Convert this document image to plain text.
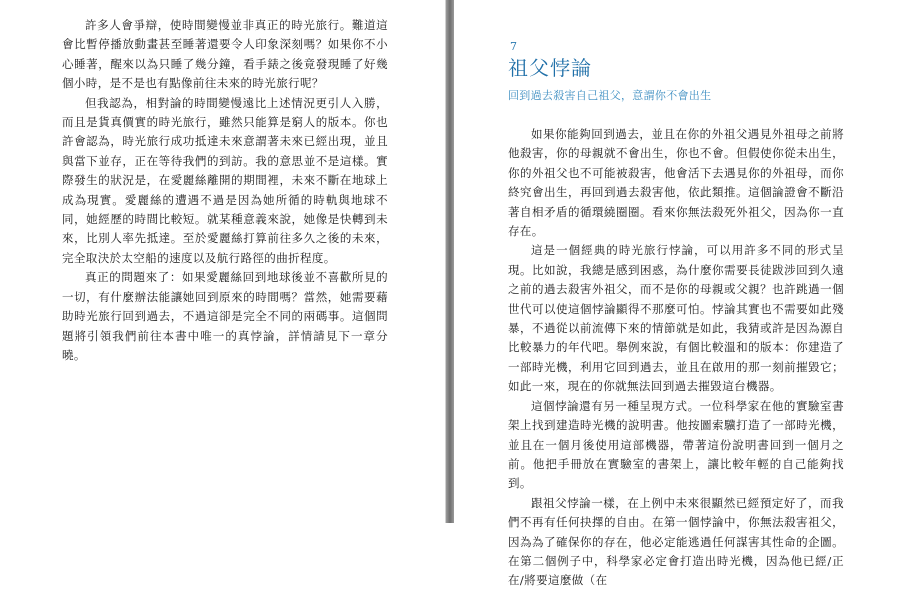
許多人會爭辯，使時間變慢並非真正的時光旅行。難道這會比暫停播放動畫甚至睡著還要令人印象深刻嗎？如果你不小心睡著，醒來以為只睡了幾分鐘，看手錶之後竟發現睡了好幾個小時，是不是也有點像前往未來的時光旅行呢？

但我認為，相對論的時間變慢遠比上述情況更引人入勝，而且是貨真價實的時光旅行，雖然只能算是窮人的版本。你也許會認為，時光旅行成功抵達未來意謂著未來已經出現，並且與當下並存，正在等待我們的到訪。我的意思並不是這樣。實際發生的狀況是，在愛麗絲離開的期間裡，未來不斷在地球上成為現實。愛麗絲的遭遇不過是因為她所循的時軌與地球不同，她經歷的時間比較短。就某種意義來說，她像是快轉到未來，比別人率先抵達。至於愛麗絲打算前往多久之後的未來，完全取決於太空船的速度以及航行路徑的曲折程度。

真正的問題來了：如果愛麗絲回到地球後並不喜歡所見的一切，有什麼辦法能讓她回到原來的時間嗎？當然，她需要藉助時光旅行回到過去，不過這卻是完全不同的兩碼事。這個問題將引領我們前往本書中唯一的真悖論，詳情請見下一章分曉。

7
祖父悖論
回到過去殺害自己祖父，意謂你不會出生

如果你能夠回到過去，並且在你的外祖父遇見外祖母之前將他殺害，你的母親就不會出生，你也不會。但假使你從未出生，你的外祖父也不可能被殺害，他會活下去遇見你的外祖母，而你終究會出生，再回到過去殺害他，依此類推。這個論證會不斷沿著自相矛盾的循環繞圈圈。看來你無法殺死外祖父，因為你一直存在。

這是一個經典的時光旅行悖論，可以用許多不同的形式呈現。比如說，我總是感到困惑，為什麼你需要長徒跋涉回到久遠之前的過去殺害外祖父，而不是你的母親或父親？也許跳過一個世代可以使這個悖論顯得不那麼可怕。悖論其實也不需要如此殘暴，不過從以前流傳下來的情節就是如此，我猜或許是因為源自比較暴力的年代吧。舉例來說，有個比較溫和的版本：你建造了一部時光機，利用它回到過去，並且在啟用的那一刻前摧毀它；如此一來，現在的你就無法回到過去摧毀這台機器。

這個悖論還有另一種呈現方式。一位科學家在他的實驗室書架上找到建造時光機的說明書。他按圖索驥打造了一部時光機，並且在一個月後使用這部機器，帶著這份說明書回到一個月之前。他把手冊放在實驗室的書架上，讓比較年輕的自己能夠找到。

跟祖父悖論一樣，在上例中未來很顯然已經預定好了，而我們不再有任何抉擇的自由。在第一個悖論中，你無法殺害祖父，因為為了確保你的存在，他必定能逃過任何謀害其性命的企圖。在第二個例子中，科學家必定會打造出時光機，因為他已經/正在/將要這麼做（在
